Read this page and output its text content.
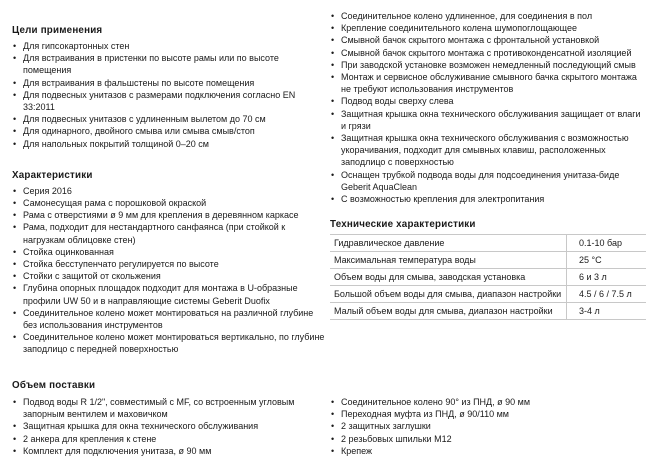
Цели применения
• Для гипсокартонных стен
• Для встраивания в пристенки по высоте рамы или по высоте помещения
• Для встраивания в фальшстены по высоте помещения
• Для подвесных унитазов с размерами подключения согласно EN 33:2011
• Для подвесных унитазов с удлиненным вылетом до 70 см
• Для одинарного, двойного смыва или смыва смыв/стоп
• Для напольных покрытий толщиной 0–20 см
Характеристики
• Серия 2016
• Самонесущая рама с порошковой окраской
• Рама с отверстиями ø 9 мм для крепления в деревянном каркасе
• Рама, подходит для нестандартного санфаянса (при стойкой к нагрузкам облицовке стен)
• Стойка оцинкованная
• Стойка бесступенчато регулируется по высоте
• Стойки с защитой от скольжения
• Глубина опорных площадок подходит для монтажа в U-образные профили UW 50 и в направляющие системы Geberit Duofix
• Соединительное колено может монтироваться на различной глубине без использования инструментов
• Соединительное колено может монтироваться вертикально, по глубине заподлицо с передней поверхностью
• Соединительное колено удлиненное, для соединения в пол
• Крепление соединительного колена шумопоглощающее
• Смывной бачок скрытого монтажа с фронтальной установкой
• Смывной бачок скрытого монтажа с противоконденсатной изоляцией
• При заводской установке возможен немедленный последующий смыв
• Монтаж и сервисное обслуживание смывного бачка скрытого монтажа не требуют использования инструментов
• Подвод воды сверху слева
• Защитная крышка окна технического обслуживания защищает от влаги и грязи
• Защитная крышка окна технического обслуживания с возможностью укорачивания, подходит для смывных клавиш, расположенных заподлицо с поверхностью
• Оснащен трубкой подвода воды для подсоединения унитаза-биде Geberit AquaClean
• С возможностью крепления для электропитания
Технические характеристики
Гидравлическое давление	0.1-10 бар
Максимальная температура воды	25 °C
Объем воды для смыва, заводская установка	6 и 3 л
Большой объем воды для смыва, диапазон настройки	4.5 / 6 / 7.5 л
Малый объем воды для смыва, диапазон настройки	3-4 л
Объем поставки
• Подвод воды R 1/2", совместимый с MF, со встроенным угловым запорным вентилем и маховичком
• Защитная крышка для окна технического обслуживания
• 2 анкера для крепления к стене
• Комплект для подключения унитаза, ø 90 мм
• Соединительное колено 90° из ПНД, ø 90 мм
• Переходная муфта из ПНД, ø 90/110 мм
• 2 защитных заглушки
• 2 резьбовых шпильки M12
• Крепеж
